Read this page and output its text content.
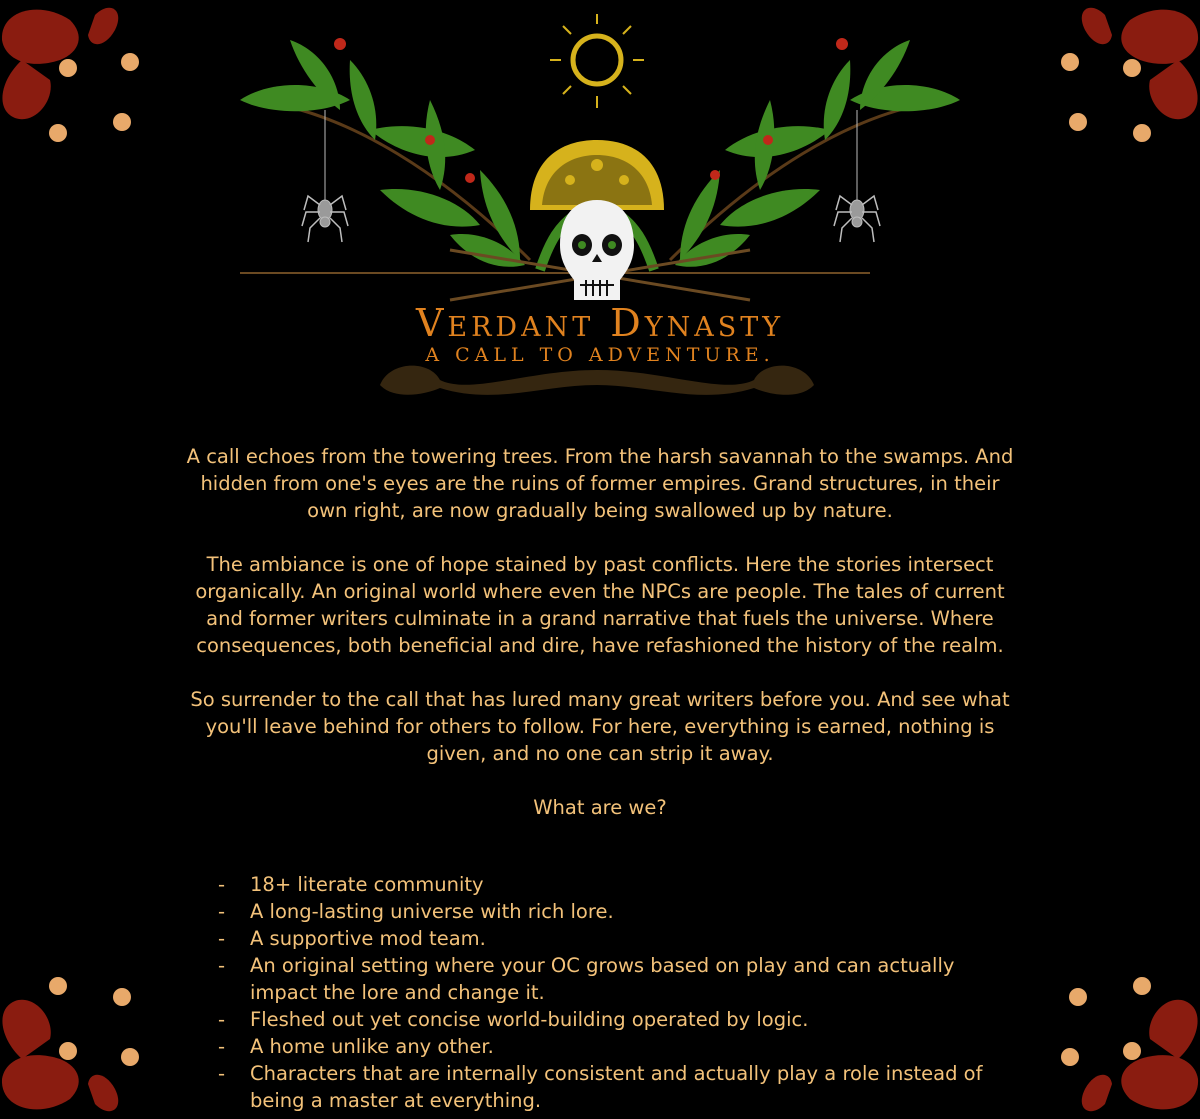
Verdant Dynasty
A CALL TO ADVENTURE.

A call echoes from the towering trees. From the harsh savannah to the swamps. And hidden from one's eyes are the ruins of former empires. Grand structures, in their own right, are now gradually being swallowed up by nature.

The ambiance is one of hope stained by past conflicts. Here the stories intersect organically. An original world where even the NPCs are people. The tales of current and former writers culminate in a grand narrative that fuels the universe. Where consequences, both beneficial and dire, have refashioned the history of the realm.

So surrender to the call that has lured many great writers before you. And see what you'll leave behind for others to follow. For here, everything is earned, nothing is given, and no one can strip it away.

What are we?

- 18+ literate community
- A long-lasting universe with rich lore.
- A supportive mod team.
- An original setting where your OC grows based on play and can actually impact the lore and change it.
- Fleshed out yet concise world-building operated by logic.
- A home unlike any other.
- Characters that are internally consistent and actually play a role instead of being a master at everything.
